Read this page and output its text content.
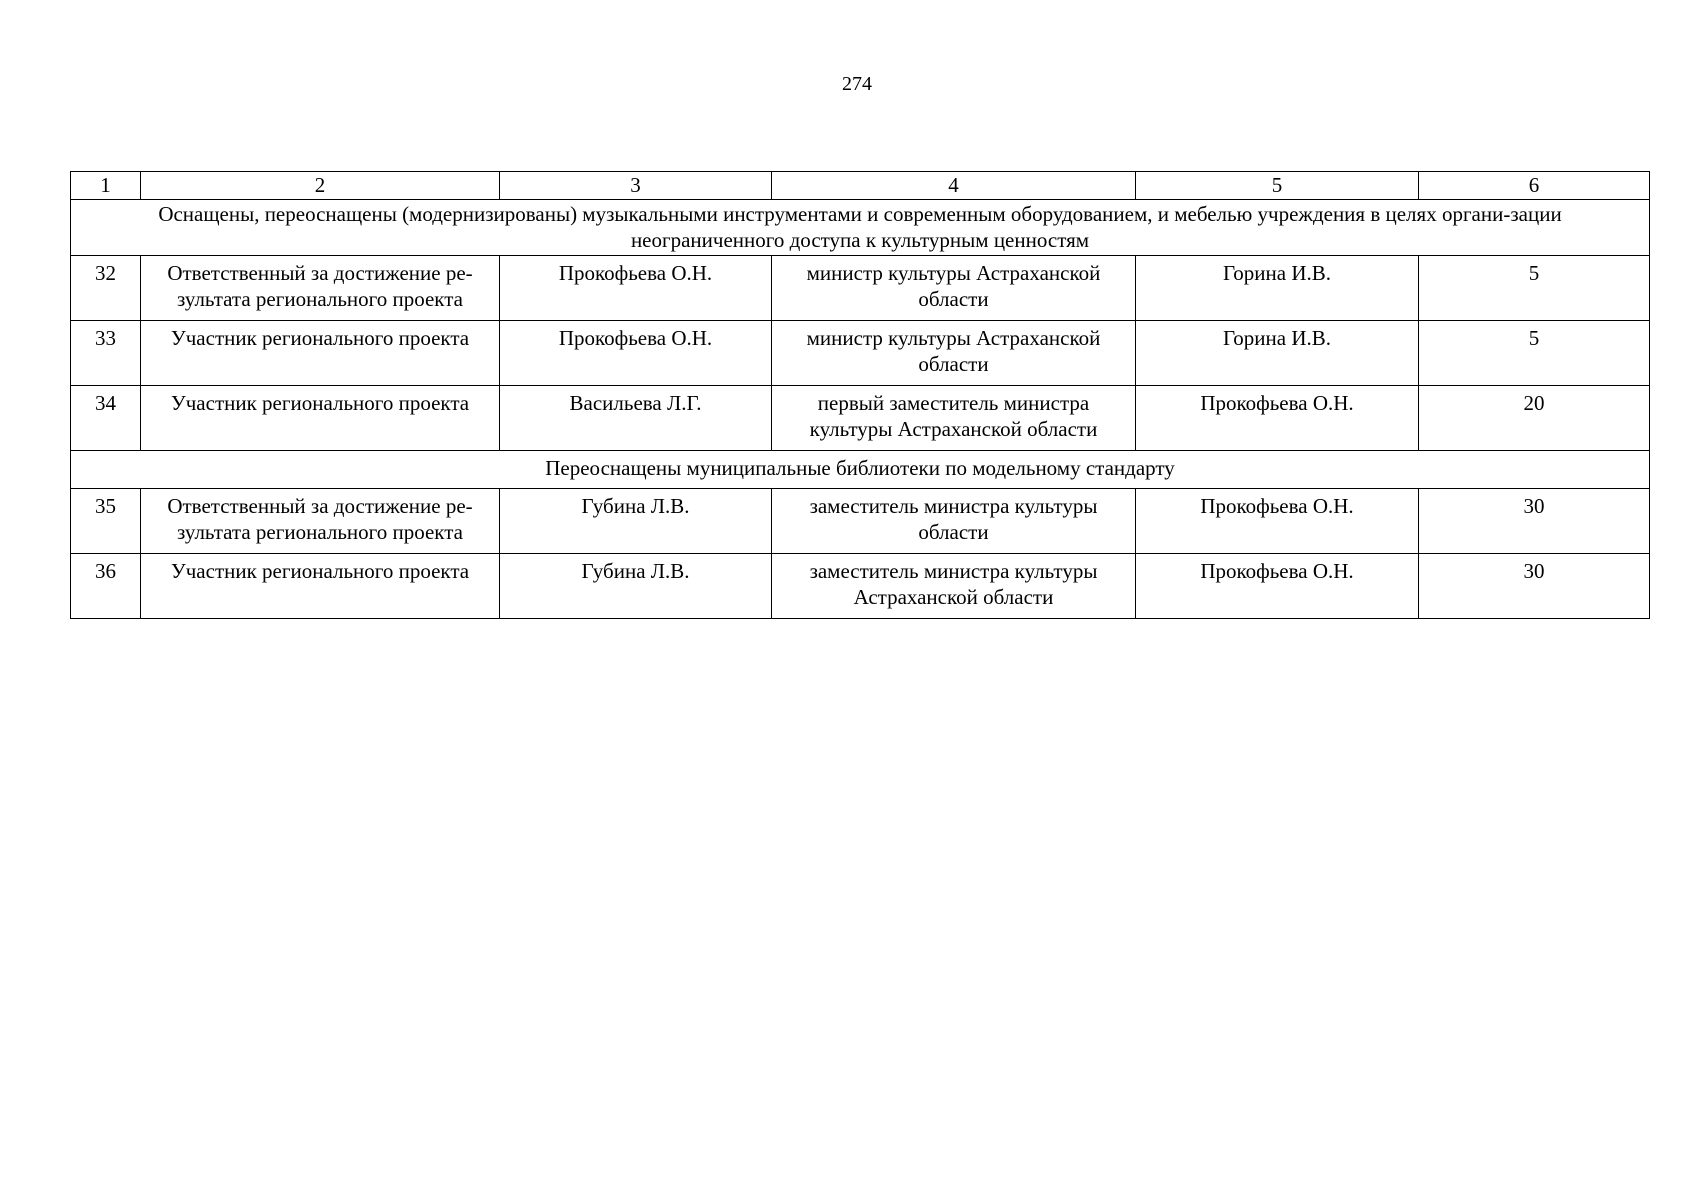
274
1	2	3	4	5	6
Оснащены, переоснащены (модернизированы) музыкальными инструментами и современным оборудованием, и мебелью учреждения в целях органи-зации неограниченного доступа к культурным ценностям					
32	Ответственный за достижение ре-зультата регионального проекта	Прокофьева О.Н.	министр культуры Астраханской области	Горина И.В.	5
33	Участник регионального проекта	Прокофьева О.Н.	министр культуры Астраханской области	Горина И.В.	5
34	Участник регионального проекта	Васильева Л.Г.	первый заместитель министра культуры Астраханской области	Прокофьева О.Н.	20
Переоснащены муниципальные библиотеки по модельному стандарту					
35	Ответственный за достижение ре-зультата регионального проекта	Губина Л.В.	заместитель министра культуры области	Прокофьева О.Н.	30
36	Участник регионального проекта	Губина Л.В.	заместитель министра культуры Астраханской области	Прокофьева О.Н.	30
